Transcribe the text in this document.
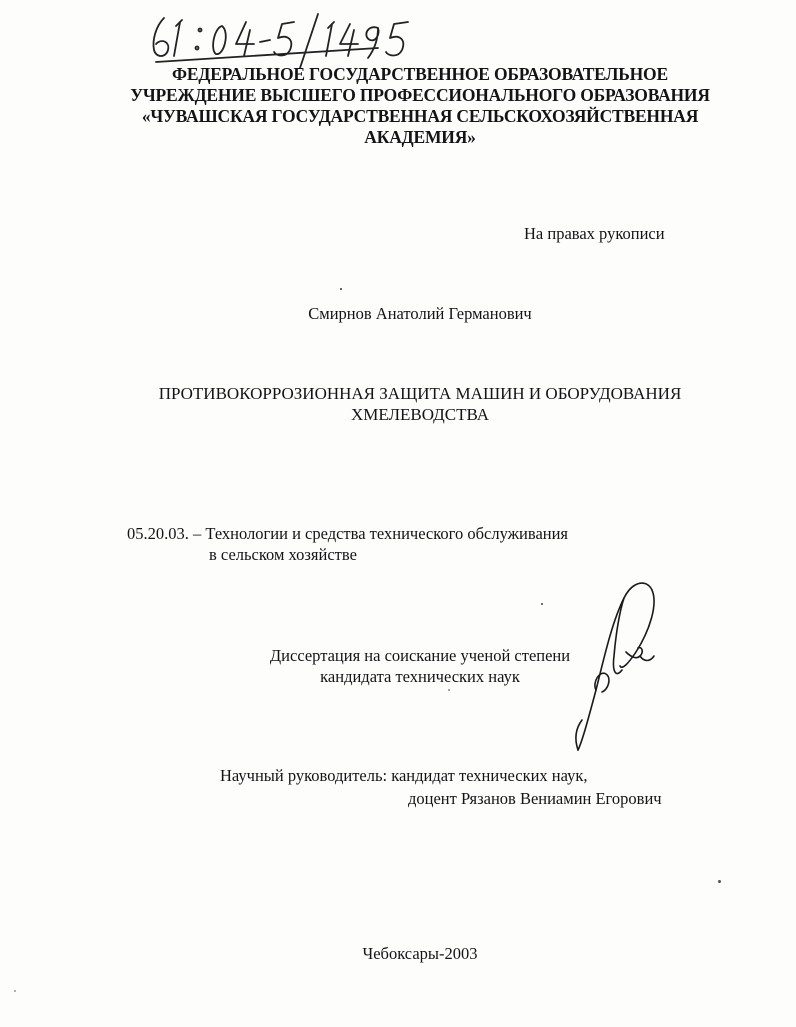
ФЕДЕРАЛЬНОЕ ГОСУДАРСТВЕННОЕ ОБРАЗОВАТЕЛЬНОЕ
УЧРЕЖДЕНИЕ ВЫСШЕГО ПРОФЕССИОНАЛЬНОГО ОБРАЗОВАНИЯ
«ЧУВАШСКАЯ ГОСУДАРСТВЕННАЯ СЕЛЬСКОХОЗЯЙСТВЕННАЯ
АКАДЕМИЯ»
На правах рукописи
Смирнов Анатолий Германович
ПРОТИВОКОРРОЗИОННАЯ ЗАЩИТА МАШИН И ОБОРУДОВАНИЯ
ХМЕЛЕВОДСТВА
05.20.03. – Технологии и средства технического обслуживания
в сельском хозяйстве
Диссертация на соискание ученой степени
кандидата технических наук
Научный руководитель: кандидат технических наук,
доцент Рязанов Вениамин Егорович
Чебоксары-2003
